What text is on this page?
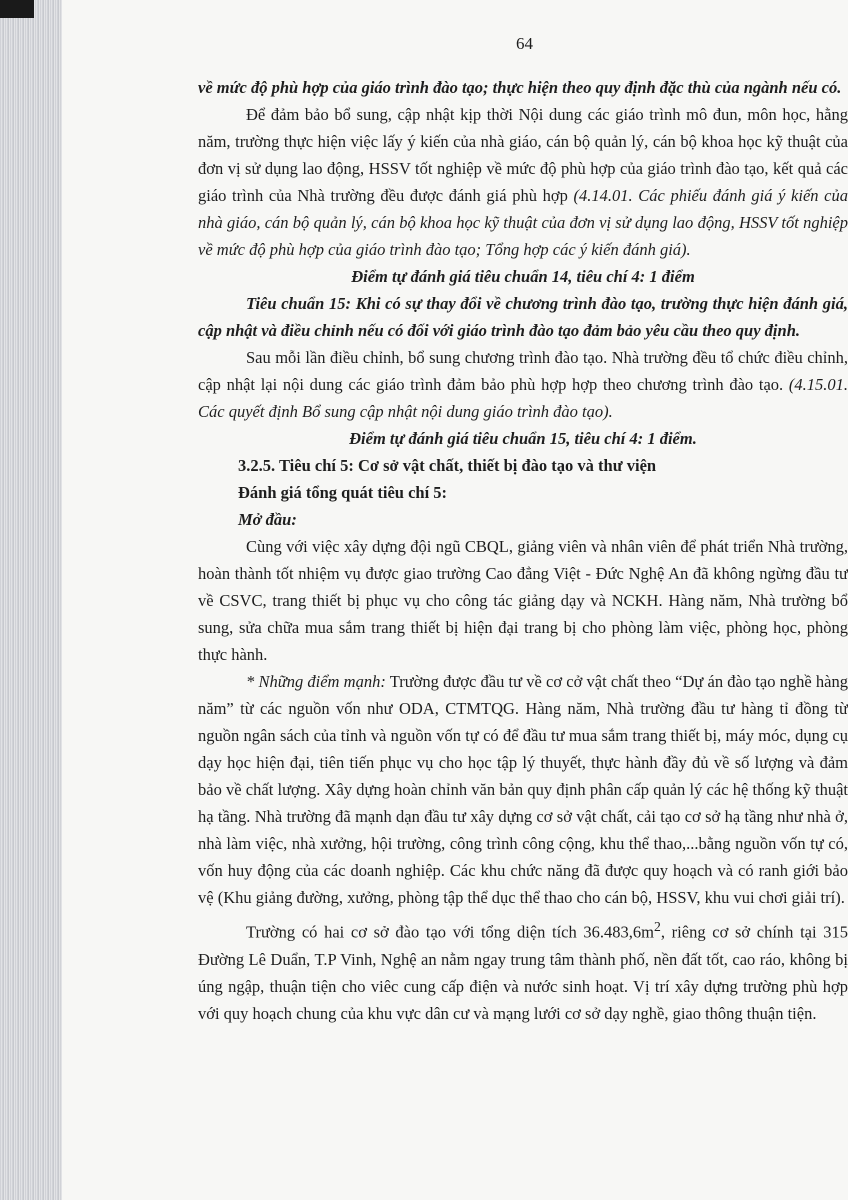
64

về mức độ phù hợp của giáo trình đào tạo; thực hiện theo quy định đặc thù của ngành nếu có.

Để đảm bảo bổ sung, cập nhật kịp thời Nội dung các giáo trình mô đun, môn học, hằng năm, trường thực hiện việc lấy ý kiến của nhà giáo, cán bộ quản lý, cán bộ khoa học kỹ thuật của đơn vị sử dụng lao động, HSSV tốt nghiệp về mức độ phù hợp của giáo trình đào tạo, kết quả các giáo trình của Nhà trường đều được đánh giá phù hợp (4.14.01. Các phiếu đánh giá ý kiến của nhà giáo, cán bộ quản lý, cán bộ khoa học kỹ thuật của đơn vị sử dụng lao động, HSSV tốt nghiệp về mức độ phù hợp của giáo trình đào tạo; Tổng hợp các ý kiến đánh giá).

Điểm tự đánh giá tiêu chuẩn 14, tiêu chí 4: 1 điểm

Tiêu chuẩn 15: Khi có sự thay đổi về chương trình đào tạo, trường thực hiện đánh giá, cập nhật và điều chỉnh nếu có đối với giáo trình đào tạo đảm bảo yêu cầu theo quy định.

Sau mỗi lần điều chỉnh, bổ sung chương trình đào tạo. Nhà trường đều tổ chức điều chỉnh, cập nhật lại nội dung các giáo trình đảm bảo phù hợp hợp theo chương trình đào tạo. (4.15.01. Các quyết định Bổ sung cập nhật nội dung giáo trình đào tạo).

Điểm tự đánh giá tiêu chuẩn 15, tiêu chí 4: 1 điểm.

3.2.5. Tiêu chí 5: Cơ sở vật chất, thiết bị đào tạo và thư viện

Đánh giá tổng quát tiêu chí 5:

Mở đầu:

Cùng với việc xây dựng đội ngũ CBQL, giảng viên và nhân viên để phát triển Nhà trường, hoàn thành tốt nhiệm vụ được giao trường Cao đẳng Việt - Đức Nghệ An đã không ngừng đầu tư về CSVC, trang thiết bị phục vụ cho công tác giảng dạy và NCKH. Hàng năm, Nhà trường bổ sung, sửa chữa mua sắm trang thiết bị hiện đại trang bị cho phòng làm việc, phòng học, phòng thực hành.

* Những điểm mạnh: Trường được đầu tư về cơ cở vật chất theo “Dự án đào tạo nghề hàng năm” từ các nguồn vốn như ODA, CTMTQG. Hàng năm, Nhà trường đầu tư hàng tỉ đồng từ nguồn ngân sách của tỉnh và nguồn vốn tự có để đầu tư mua sắm trang thiết bị, máy móc, dụng cụ dạy học hiện đại, tiên tiến phục vụ cho học tập lý thuyết, thực hành đầy đủ về số lượng và đảm bảo về chất lượng. Xây dựng hoàn chỉnh văn bản quy định phân cấp quản lý các hệ thống kỹ thuật hạ tầng. Nhà trường đã mạnh dạn đầu tư xây dựng cơ sở vật chất, cải tạo cơ sở hạ tầng như nhà ở, nhà làm việc, nhà xưởng, hội trường, công trình công cộng, khu thể thao,...bằng nguồn vốn tự có, vốn huy động của các doanh nghiệp. Các khu chức năng đã được quy hoạch và có ranh giới bảo vệ (Khu giảng đường, xưởng, phòng tập thể dục thể thao cho cán bộ, HSSV, khu vui chơi giải trí).

Trường có hai cơ sở đào tạo với tổng diện tích $36.483,6m^2$, riêng cơ sở chính tại 315 Đường Lê Duẩn, T.P Vinh, Nghệ an nằm ngay trung tâm thành phố, nền đất tốt, cao ráo, không bị úng ngập, thuận tiện cho viêc cung cấp điện và nước sinh hoạt. Vị trí xây dựng trường phù hợp với quy hoạch chung của khu vực dân cư và mạng lưới cơ sở dạy nghề, giao thông thuận tiện.
